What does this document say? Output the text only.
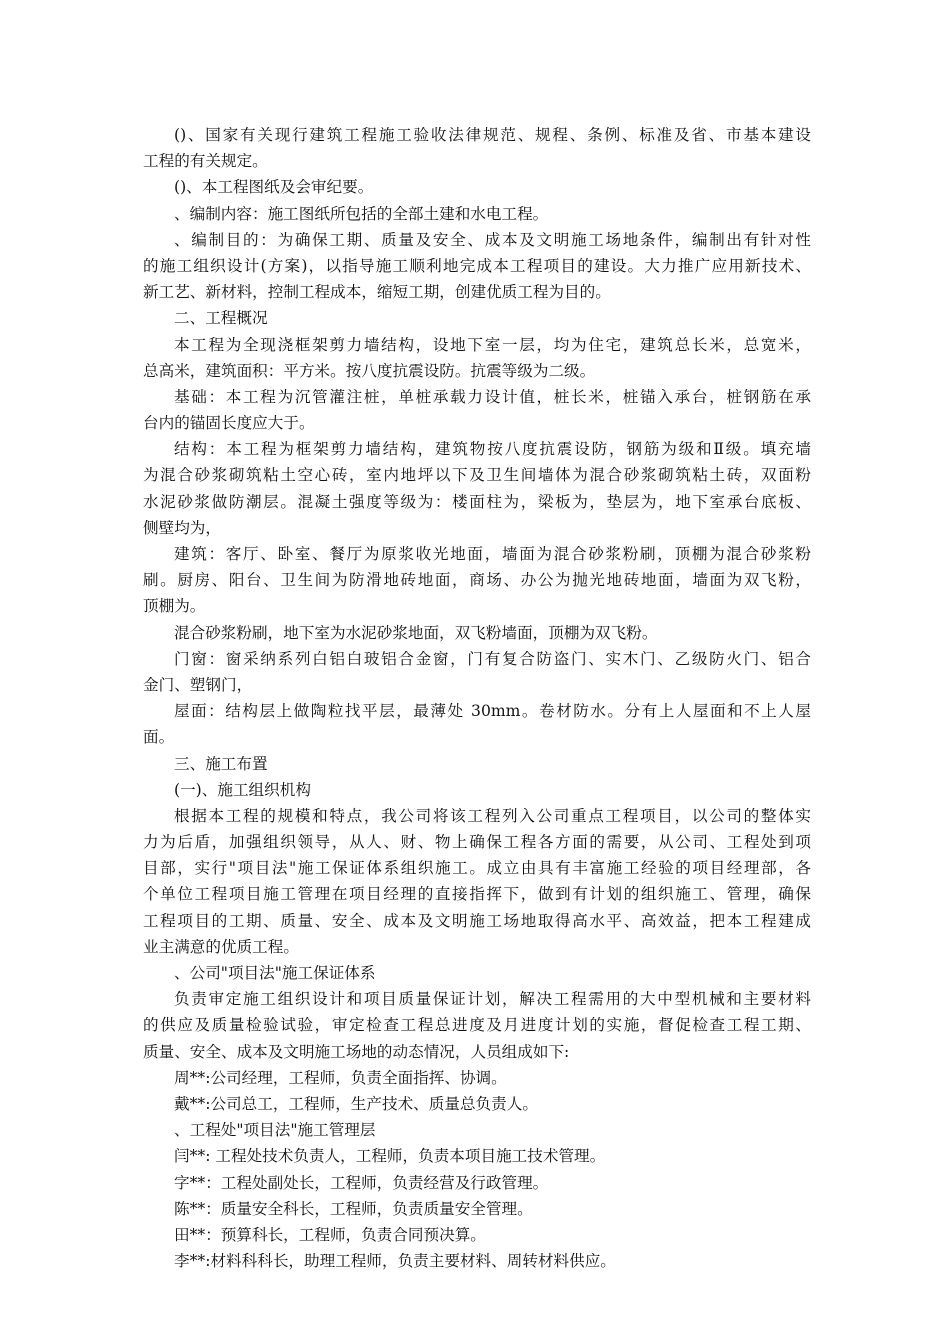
()、国家有关现行建筑工程施工验收法律规范、规程、条例、标准及省、市基本建设
工程的有关规定。
()、本工程图纸及会审纪要。
、编制内容：施工图纸所包括的全部土建和水电工程。
、编制目的：为确保工期、质量及安全、成本及文明施工场地条件，编制出有针对性
的施工组织设计(方案)，以指导施工顺利地完成本工程项目的建设。大力推广应用新技术、
新工艺、新材料，控制工程成本，缩短工期，创建优质工程为目的。
二、工程概况
本工程为全现浇框架剪力墙结构，设地下室一层，均为住宅，建筑总长米，总宽米，
总高米，建筑面积：平方米。按八度抗震设防。抗震等级为二级。
基础：本工程为沉管灌注桩，单桩承载力设计值，桩长米，桩锚入承台，桩钢筋在承
台内的锚固长度应大于。
结构：本工程为框架剪力墙结构，建筑物按八度抗震设防，钢筋为级和Ⅱ级。填充墙
为混合砂浆砌筑粘土空心砖，室内地坪以下及卫生间墙体为混合砂浆砌筑粘土砖，双面粉
水泥砂浆做防潮层。混凝土强度等级为：楼面柱为，梁板为，垫层为，地下室承台底板、
侧壁均为，
建筑：客厅、卧室、餐厅为原浆收光地面，墙面为混合砂浆粉刷，顶棚为混合砂浆粉
刷。厨房、阳台、卫生间为防滑地砖地面，商场、办公为抛光地砖地面，墙面为双飞粉，
顶棚为。
混合砂浆粉刷，地下室为水泥砂浆地面，双飞粉墙面，顶棚为双飞粉。
门窗：窗采纳系列白铝白玻铝合金窗，门有复合防盗门、实木门、乙级防火门、铝合
金门、塑钢门，
屋面：结构层上做陶粒找平层，最薄处 30mm。卷材防水。分有上人屋面和不上人屋
面。
三、施工布置
(一)、施工组织机构
根据本工程的规模和特点，我公司将该工程列入公司重点工程项目，以公司的整体实
力为后盾，加强组织领导，从人、财、物上确保工程各方面的需要，从公司、工程处到项
目部，实行"项目法"施工保证体系组织施工。成立由具有丰富施工经验的项目经理部，各
个单位工程项目施工管理在项目经理的直接指挥下，做到有计划的组织施工、管理，确保
工程项目的工期、质量、安全、成本及文明施工场地取得高水平、高效益，把本工程建成
业主满意的优质工程。
、公司"项目法"施工保证体系
负责审定施工组织设计和项目质量保证计划，解决工程需用的大中型机械和主要材料
的供应及质量检验试验，审定检查工程总进度及月进度计划的实施，督促检查工程工期、
质量、安全、成本及文明施工场地的动态情况，人员组成如下:
周**:公司经理，工程师，负责全面指挥、协调。
戴**:公司总工，工程师，生产技术、质量总负责人。
、工程处"项目法"施工管理层
闫**: 工程处技术负责人，工程师，负责本项目施工技术管理。
字**：工程处副处长，工程师，负责经营及行政管理。
陈**：质量安全科长，工程师，负责质量安全管理。
田**：预算科长，工程师，负责合同预决算。
李**:材料科科长，助理工程师，负责主要材料、周转材料供应。
